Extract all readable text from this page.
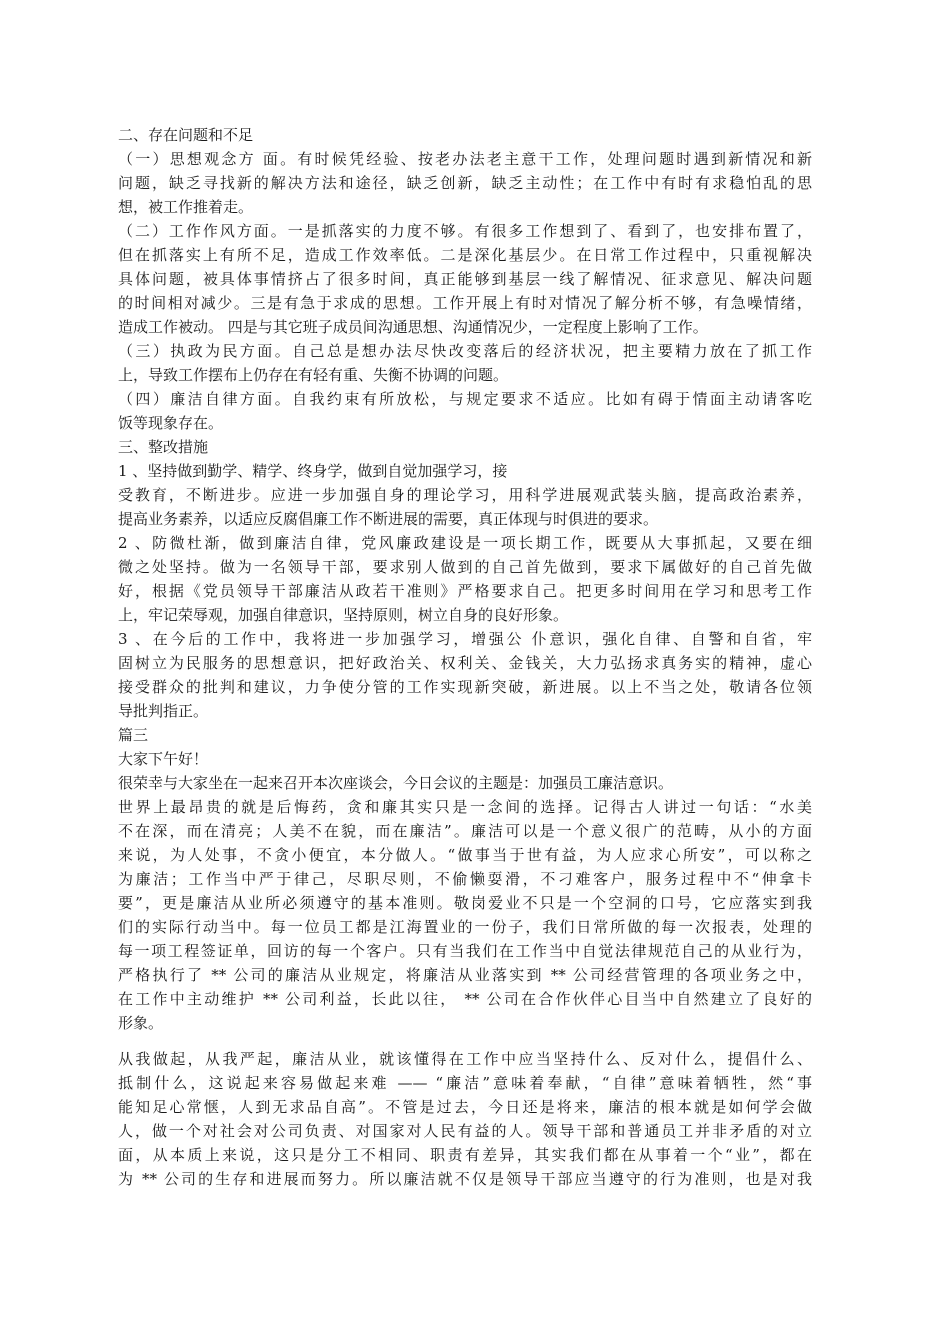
二、存在问题和不足
（一）思想观念方 面。有时候凭经验、按老办法老主意干工作，处理问题时遇到新情况和新
问题，缺乏寻找新的解决方法和途径，缺乏创新，缺乏主动性；在工作中有时有求稳怕乱的思
想，被工作推着走。
（二）工作作风方面。一是抓落实的力度不够。有很多工作想到了、看到了，也安排布置了，
但在抓落实上有所不足，造成工作效率低。二是深化基层少。在日常工作过程中，只重视解决
具体问题，被具体事情挤占了很多时间，真正能够到基层一线了解情况、征求意见、解决问题
的时间相对减少。三是有急于求成的思想。工作开展上有时对情况了解分析不够，有急噪情绪，
造成工作被动。 四是与其它班子成员间沟通思想、沟通情况少，一定程度上影响了工作。
（三）执政为民方面。自己总是想办法尽快改变落后的经济状况，把主要精力放在了抓工作
上，导致工作摆布上仍存在有轻有重、失衡不协调的问题。
（四）廉洁自律方面。自我约束有所放松，与规定要求不适应。比如有碍于情面主动请客吃
饭等现象存在。
三、整改措施
1 、坚持做到勤学、精学、终身学，做到自觉加强学习，接
受教育，不断进步。应进一步加强自身的理论学习，用科学进展观武装头脑，提高政治素养，
提高业务素养，以适应反腐倡廉工作不断进展的需要，真正体现与时俱进的要求。
2 、防微杜渐，做到廉洁自律，党风廉政建设是一项长期工作，既要从大事抓起，又要在细
微之处坚持。做为一名领导干部，要求别人做到的自己首先做到，要求下属做好的自己首先做
好，根据《党员领导干部廉洁从政若干准则》严格要求自己。把更多时间用在学习和思考工作
上，牢记荣辱观，加强自律意识，坚持原则，树立自身的良好形象。
3 、在今后的工作中，我将进一步加强学习，增强公 仆意识，强化自律、自警和自省，牢
固树立为民服务的思想意识，把好政治关、权利关、金钱关，大力弘扬求真务实的精神，虚心
接受群众的批判和建议，力争使分管的工作实现新突破，新进展。以上不当之处，敬请各位领
导批判指正。
篇三
大家下午好！
很荣幸与大家坐在一起来召开本次座谈会，今日会议的主题是：加强员工廉洁意识。
世界上最昂贵的就是后悔药，贪和廉其实只是一念间的选择。记得古人讲过一句话：“水美
不在深，而在清亮；人美不在貌，而在廉洁”。廉洁可以是一个意义很广的范畴，从小的方面
来说，为人处事，不贪小便宜，本分做人。“做事当于世有益，为人应求心所安”，可以称之
为廉洁；工作当中严于律己，尽职尽则，不偷懒耍滑，不刁难客户，服务过程中不“伸拿卡
要”，更是廉洁从业所必须遵守的基本准则。敬岗爱业不只是一个空洞的口号，它应落实到我
们的实际行动当中。每一位员工都是江海置业的一份子，我们日常所做的每一次报表，处理的
每一项工程签证单，回访的每一个客户。只有当我们在工作当中自觉法律规范自己的从业行为，
严格执行了 ** 公司的廉洁从业规定，将廉洁从业落实到 ** 公司经营管理的各项业务之中，
在工作中主动维护 ** 公司利益，长此以往， ** 公司在合作伙伴心目当中自然建立了良好的
形象。
从我做起，从我严起，廉洁从业，就该懂得在工作中应当坚持什么、反对什么，提倡什么、
抵制什么，这说起来容易做起来难 —— “廉洁”意味着奉献，“自律”意味着牺牲，然“事
能知足心常惬，人到无求品自高”。不管是过去，今日还是将来，廉洁的根本就是如何学会做
人，做一个对社会对公司负责、对国家对人民有益的人。领导干部和普通员工并非矛盾的对立
面，从本质上来说，这只是分工不相同、职责有差异，其实我们都在从事着一个“业”，都在
为 ** 公司的生存和进展而努力。所以廉洁就不仅是领导干部应当遵守的行为准则，也是对我
